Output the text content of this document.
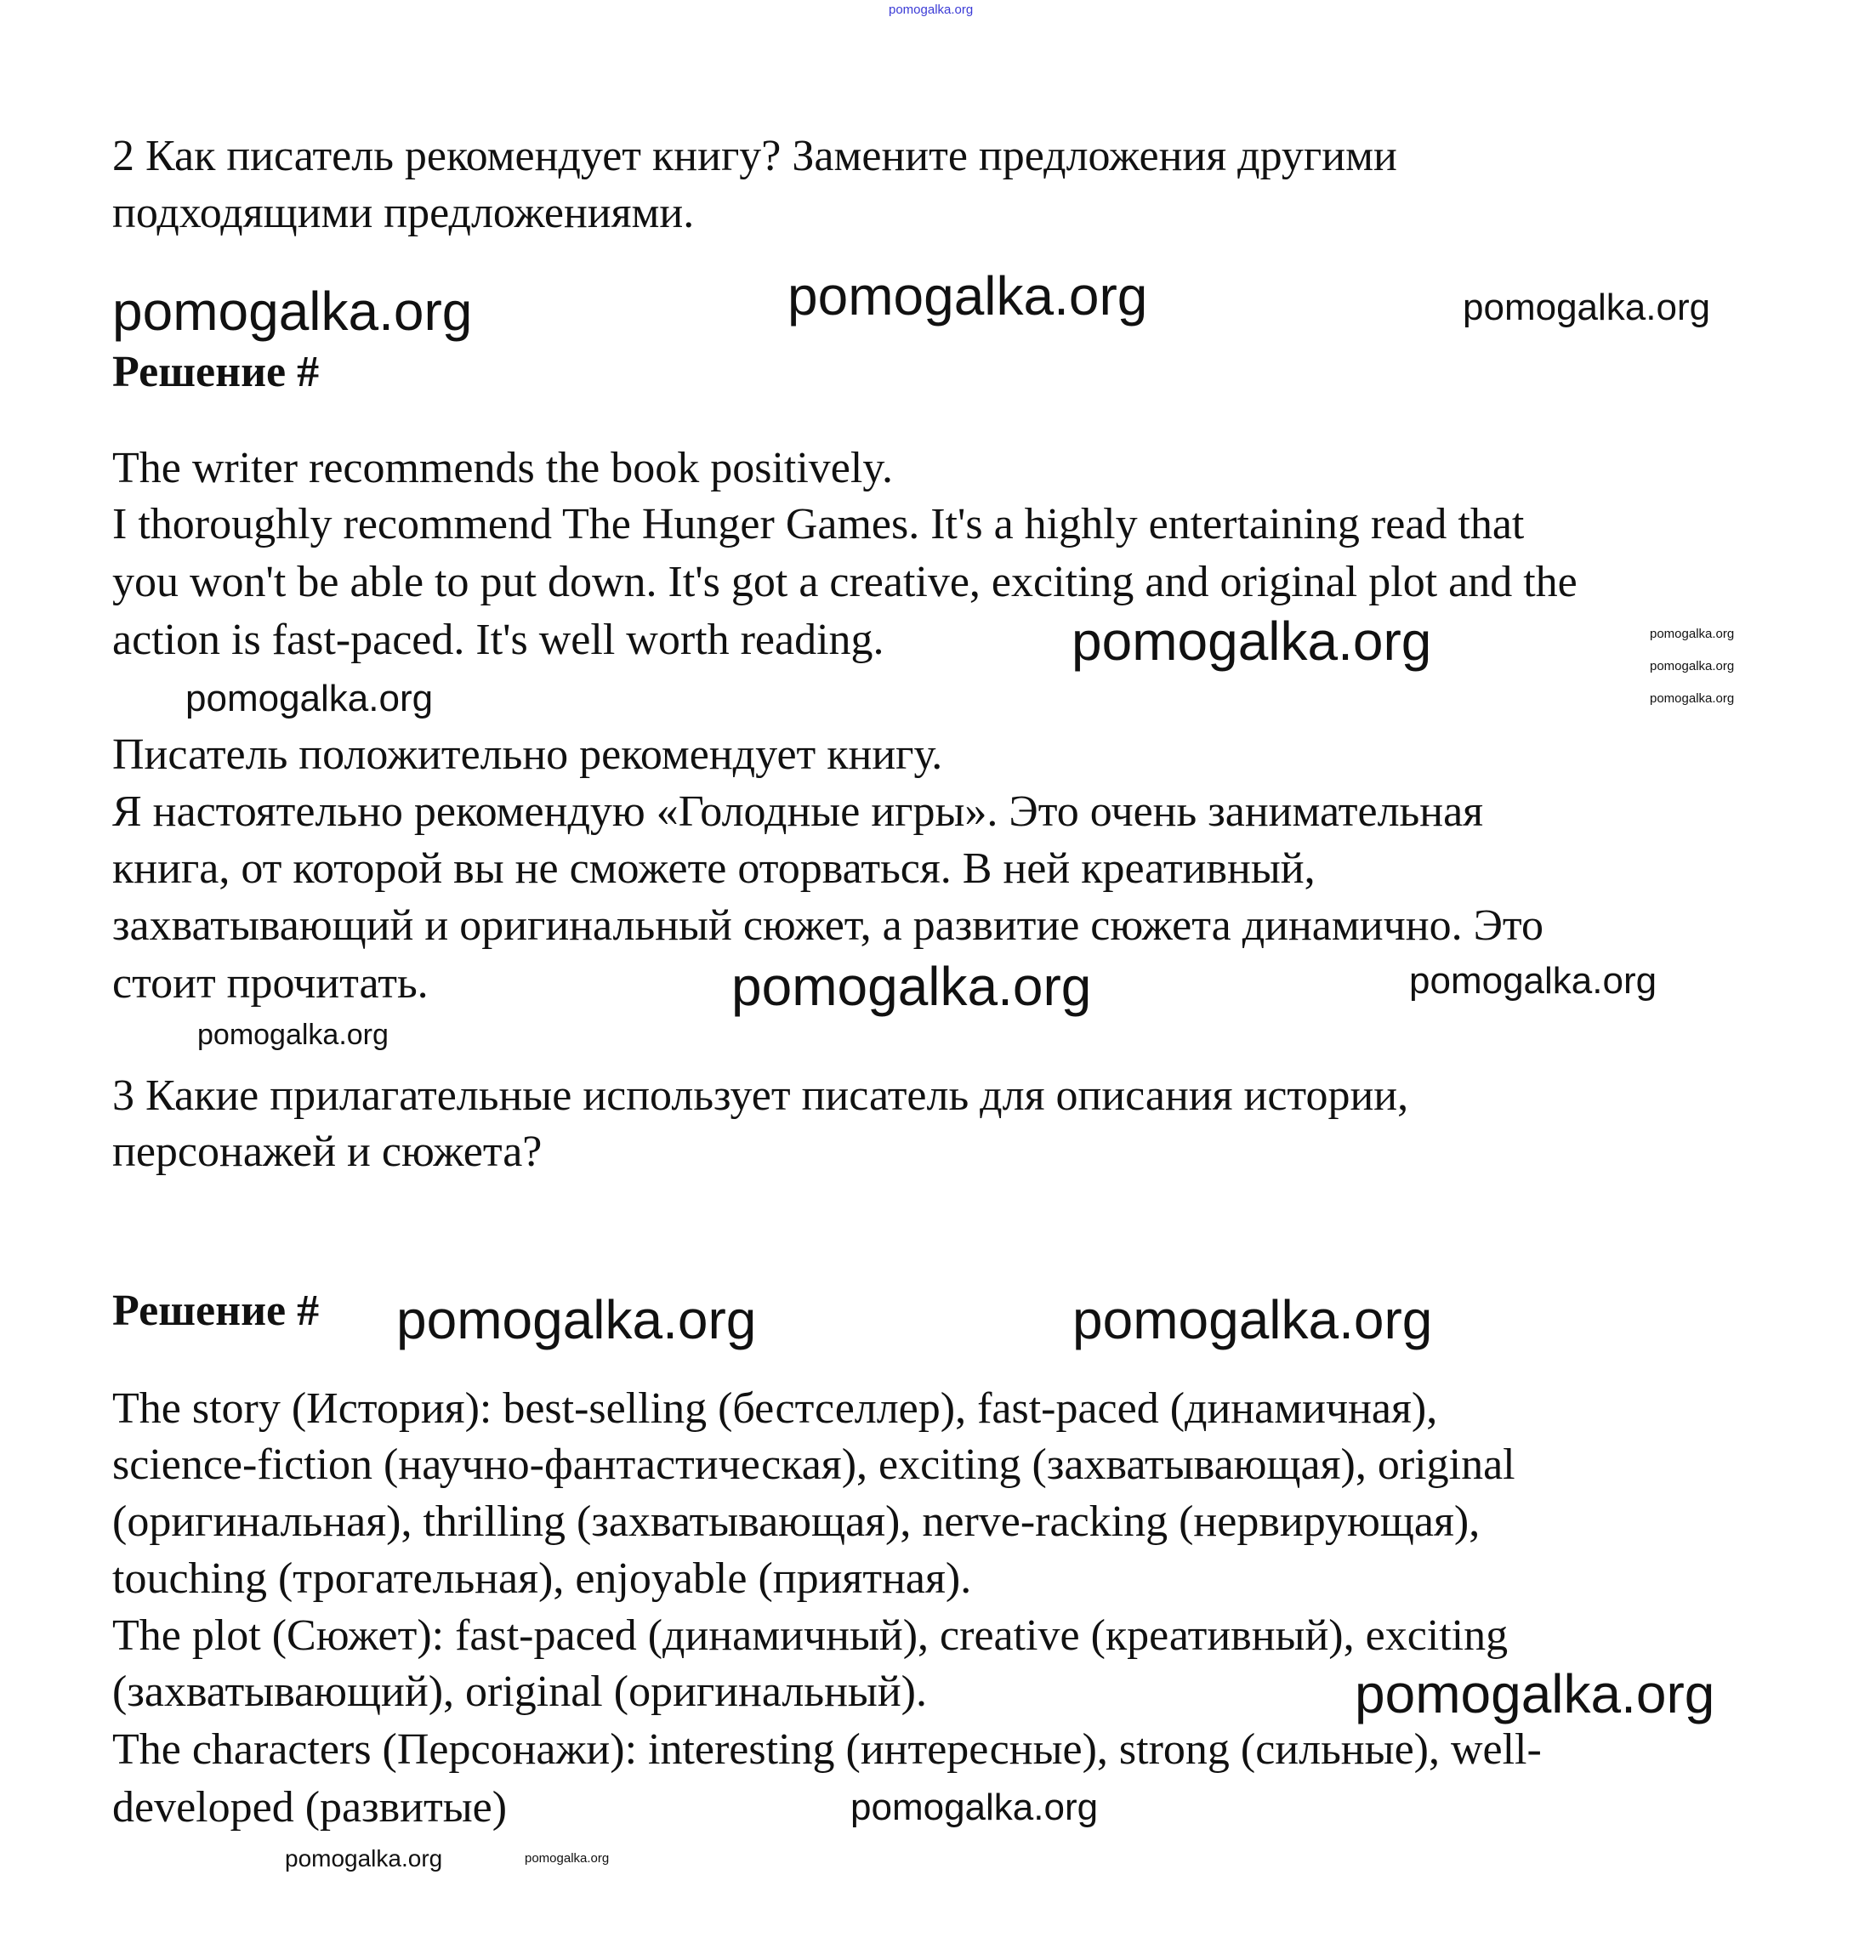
pomogalka.org
2 Как писатель рекомендует книгу? Замените предложения другими
подходящими предложениями.
pomogalka.org	pomogalka.org	pomogalka.org
Решение #
The writer recommends the book positively.
I thoroughly recommend The Hunger Games. It's a highly entertaining read that
you won't be able to put down. It's got a creative, exciting and original plot and the
action is fast-paced. It's well worth reading.	pomogalka.org
pomogalka.org
pomogalka.org
pomogalka.org
pomogalka.org
Писатель положительно рекомендует книгу.
Я настоятельно рекомендую «Голодные игры». Это очень занимательная
книга, от которой вы не сможете оторваться. В ней креативный,
захватывающий и оригинальный сюжет, а развитие сюжета динамично. Это
стоит прочитать.
pomogalka.org
pomogalka.org	pomogalka.org
3 Какие прилагательные использует писатель для описания истории,
персонажей и сюжета?
Решение # pomogalka.org	pomogalka.org
The story (История): best-selling (бестселлер), fast-paced (динамичная),
science-fiction (научно-фантастическая), exciting (захватывающая), original
(оригинальная), thrilling (захватывающая), nerve-racking (нервирующая),
touching (трогательная), enjoyable (приятная).
The plot (Сюжет): fast-paced (динамичный), creative (креативный), exciting
(захватывающий), original (оригинальный).
The characters (Персонажи): interesting (интересные), strong (сильные), well-
developed (развитые)
pomogalka.org
pomogalka.org	pomogalka.org
pomogalka.org
